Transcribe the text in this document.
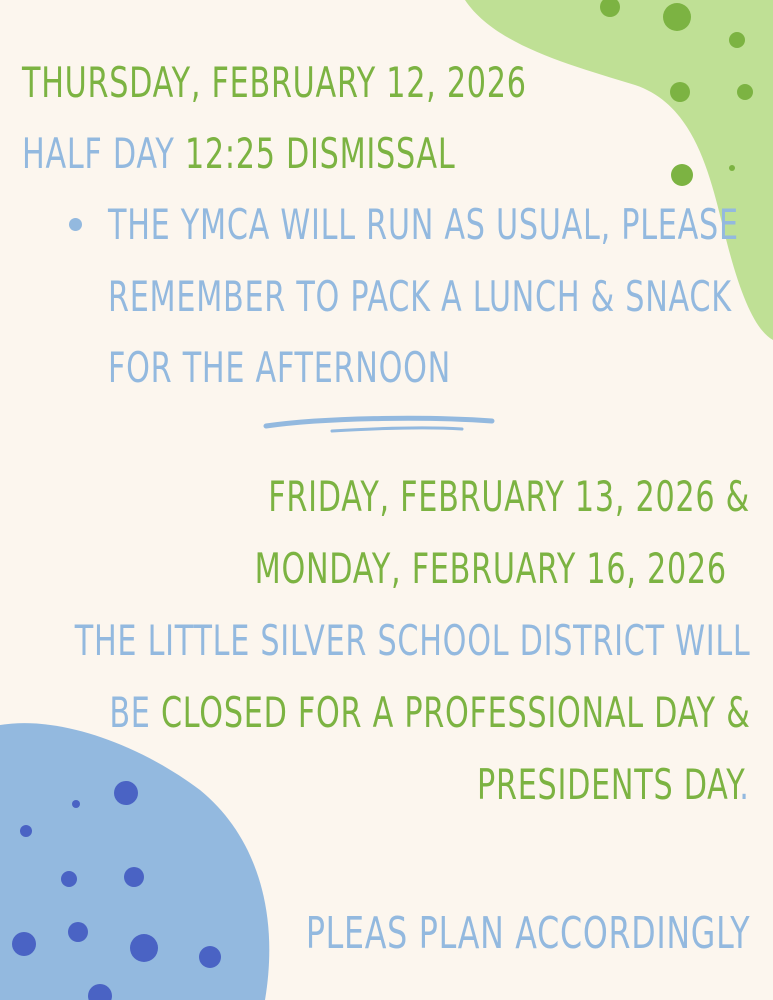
THURSDAY, FEBRUARY 12, 2026

HALF DAY 12:25 DISMISSAL

THE YMCA WILL RUN AS USUAL, PLEASE

REMEMBER TO PACK A LUNCH & SNACK

FOR THE AFTERNOON

FRIDAY, FEBRUARY 13, 2026 &
MONDAY, FEBRUARY 16, 2026

THE LITTLE SILVER SCHOOL DISTRICT WILL

BE CLOSED FOR A PROFESSIONAL DAY &

PRESIDENTS DAY.

PLEAS PLAN ACCORDINGLY
